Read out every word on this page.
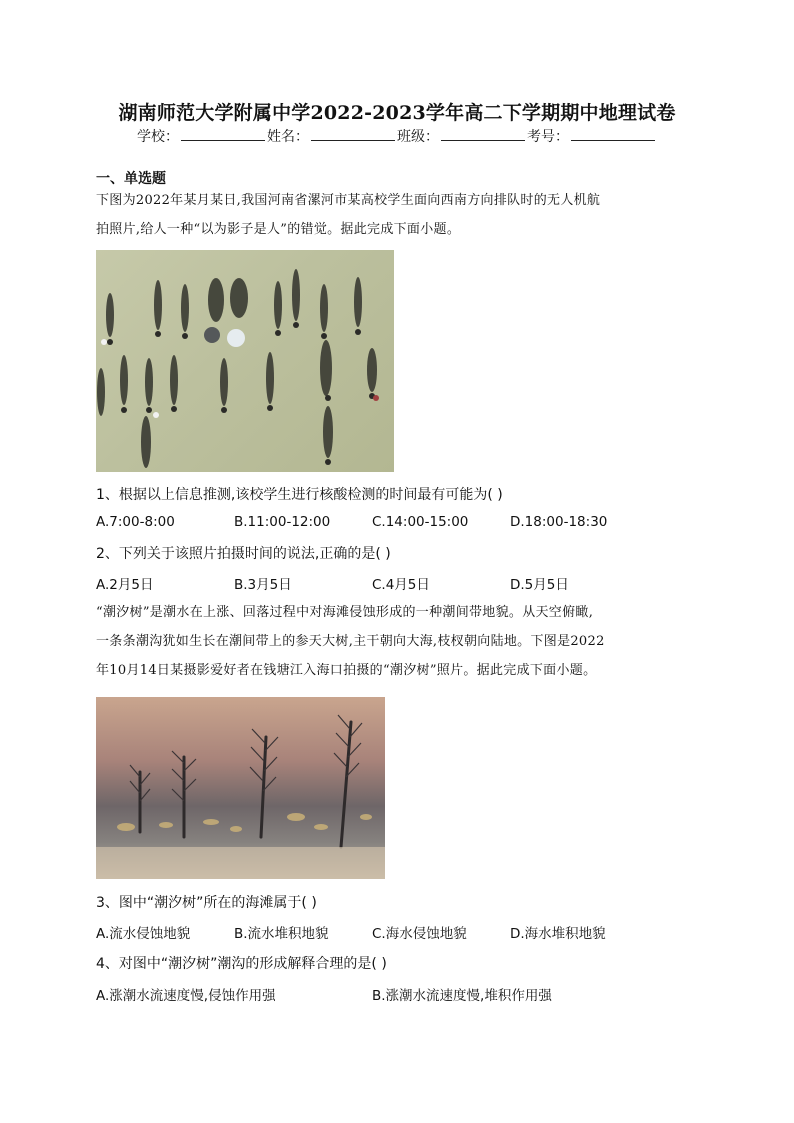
湖南师范大学附属中学2022-2023学年高二下学期期中地理试卷
学校：	姓名：	班级：	考号：
一、单选题
下图为2022年某月某日,我国河南省漯河市某高校学生面向西南方向排队时的无人机航
拍照片,给人一种“以为影子是人”的错觉。据此完成下面小题。
1、根据以上信息推测,该校学生进行核酸检测的时间最有可能为( )
A.7:00-8:00	B.11:00-12:00	C.14:00-15:00	D.18:00-18:30
2、下列关于该照片拍摄时间的说法,正确的是( )
A.2月5日	B.3月5日	C.4月5日	D.5月5日
“潮汐树”是潮水在上涨、回落过程中对海滩侵蚀形成的一种潮间带地貌。从天空俯瞰,
一条条潮沟犹如生长在潮间带上的参天大树,主干朝向大海,枝杈朝向陆地。下图是2022
年10月14日某摄影爱好者在钱塘江入海口拍摄的“潮汐树”照片。据此完成下面小题。
3、图中“潮汐树”所在的海滩属于( )
A.流水侵蚀地貌	B.流水堆积地貌	C.海水侵蚀地貌	D.海水堆积地貌
4、对图中“潮汐树”潮沟的形成解释合理的是( )
A.涨潮水流速度慢,侵蚀作用强	B.涨潮水流速度慢,堆积作用强
